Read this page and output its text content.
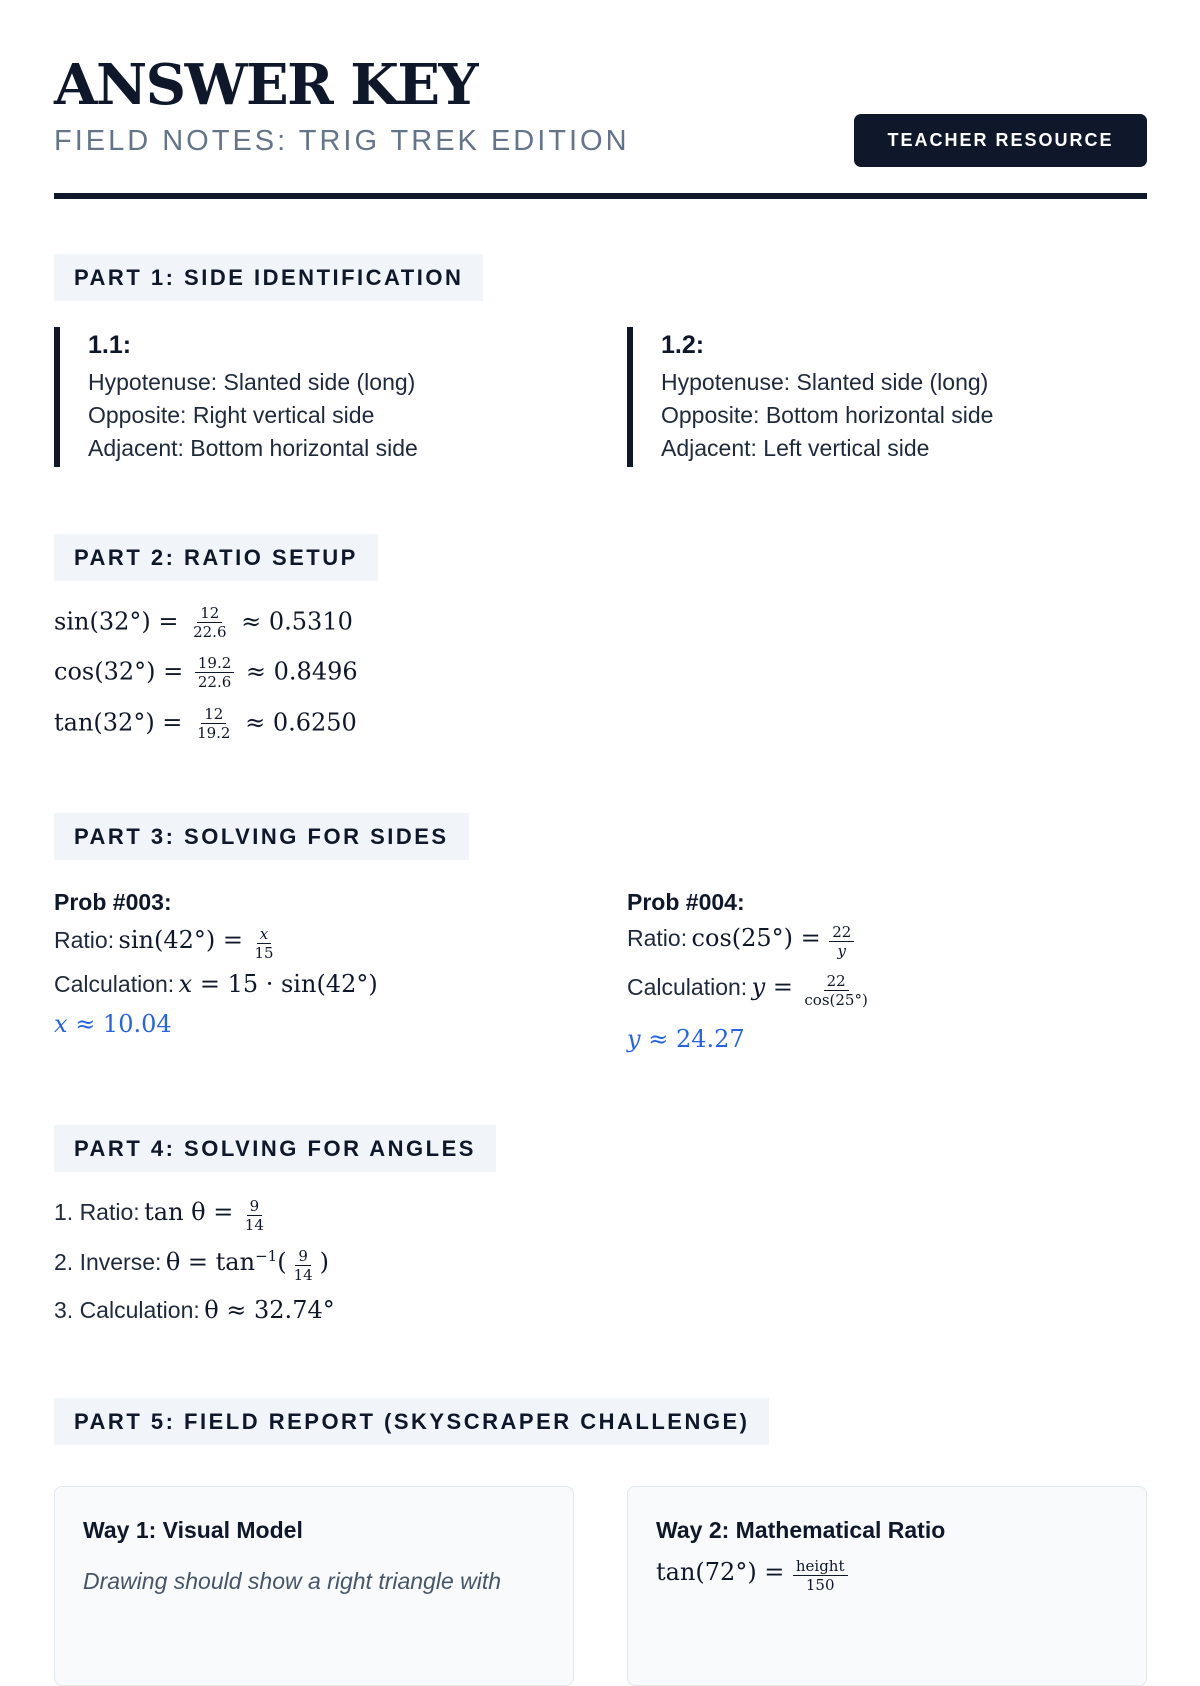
ANSWER KEY
FIELD NOTES: TRIG TREK EDITION	TEACHER RESOURCE
PART 1: SIDE IDENTIFICATION
1.1:
Hypotenuse: Slanted side (long)
Opposite: Right vertical side
Adjacent: Bottom horizontal side
1.2:
Hypotenuse: Slanted side (long)
Opposite: Bottom horizontal side
Adjacent: Left vertical side
PART 2: RATIO SETUP
$\sin(32^\circ) = \frac{12}{22.6} \approx 0.5310$
$\cos(32^\circ) = \frac{19.2}{22.6} \approx 0.8496$
$\tan(32^\circ) = \frac{12}{19.2} \approx 0.6250$
PART 3: SOLVING FOR SIDES
Prob #003:
Ratio: $\sin(42^\circ) = \frac{x}{15}$
Calculation: x = 15 · sin(42°)
x ≈ 10.04
Prob #004:
Ratio: $\cos(25^\circ) = \frac{22}{y}$
Calculation: $y = \frac{22}{\cos(25^\circ)}$
y ≈ 24.27
PART 4: SOLVING FOR ANGLES
1. Ratio: $\tan \theta = \frac{9}{14}$
2. Inverse: $\theta = \tan^{-1}( \frac{9}{14}$ )
3. Calculation: θ ≈ 32.74°
PART 5: FIELD REPORT (SKYSCRAPER CHALLENGE)
Way 1: Visual Model
Drawing should show a right triangle with
Way 2: Mathematical Ratio
$\tan(72^\circ) = \frac{\text{height}}{150}$
